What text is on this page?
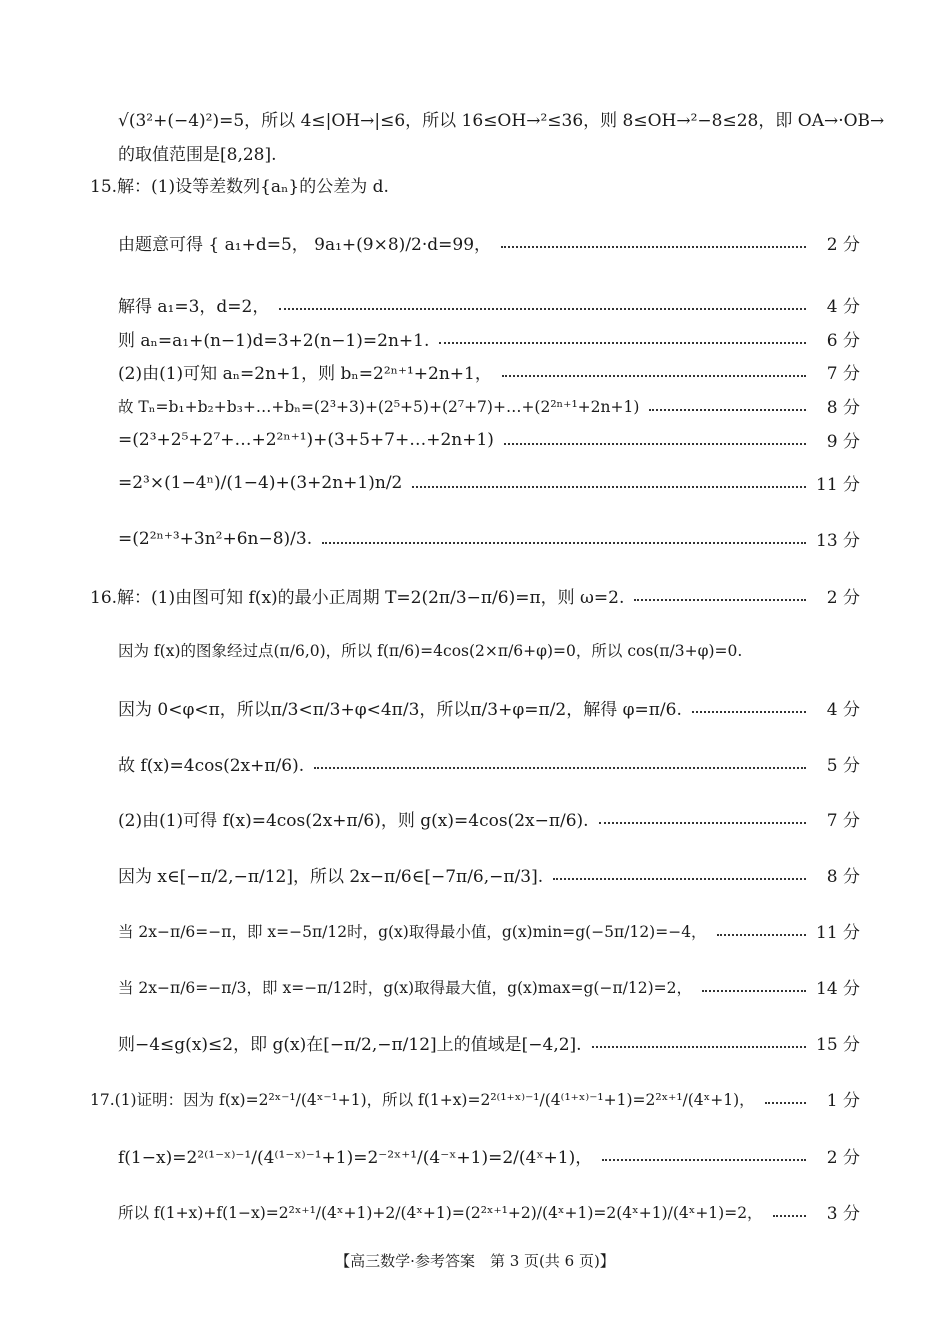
√(3²+(−4)²)=5，所以 4≤|OH→|≤6，所以 16≤OH→²≤36，则 8≤OH→²−8≤28，即 OA→·OB→
的取值范围是[8,28].
15.解：(1)设等差数列{aₙ}的公差为 d.
由题意可得 { a₁+d=5， 9a₁+(9×8)/2·d=99，	2 分
解得 a₁=3，d=2，	4 分
则 aₙ=a₁+(n−1)d=3+2(n−1)=2n+1.	6 分
(2)由(1)可知 aₙ=2n+1，则 bₙ=2²ⁿ⁺¹+2n+1，	7 分
故 Tₙ=b₁+b₂+b₃+…+bₙ=(2³+3)+(2⁵+5)+(2⁷+7)+…+(2²ⁿ⁺¹+2n+1)	8 分
=(2³+2⁵+2⁷+…+2²ⁿ⁺¹)+(3+5+7+…+2n+1)	9 分
=2³×(1−4ⁿ)/(1−4)+(3+2n+1)n/2	11 分
=(2²ⁿ⁺³+3n²+6n−8)/3.	13 分
16.解：(1)由图可知 f(x)的最小正周期 T=2(2π/3−π/6)=π，则 ω=2.	2 分
因为 f(x)的图象经过点(π/6,0)，所以 f(π/6)=4cos(2×π/6+φ)=0，所以 cos(π/3+φ)=0.
因为 0<φ<π，所以π/3<π/3+φ<4π/3，所以π/3+φ=π/2，解得 φ=π/6.	4 分
故 f(x)=4cos(2x+π/6).	5 分
(2)由(1)可得 f(x)=4cos(2x+π/6)，则 g(x)=4cos(2x−π/6).	7 分
因为 x∈[−π/2,−π/12]，所以 2x−π/6∈[−7π/6,−π/3].	8 分
当 2x−π/6=−π，即 x=−5π/12时，g(x)取得最小值，g(x)min=g(−5π/12)=−4，	11 分
当 2x−π/6=−π/3，即 x=−π/12时，g(x)取得最大值，g(x)max=g(−π/12)=2，	14 分
则−4≤g(x)≤2，即 g(x)在[−π/2,−π/12]上的值域是[−4,2].	15 分
17.(1)证明：因为 f(x)=2²ˣ⁻¹/(4ˣ⁻¹+1)，所以 f(1+x)=2²⁽¹⁺ˣ⁾⁻¹/(4⁽¹⁺ˣ⁾⁻¹+1)=2²ˣ⁺¹/(4ˣ+1)，	1 分
f(1−x)=2²⁽¹⁻ˣ⁾⁻¹/(4⁽¹⁻ˣ⁾⁻¹+1)=2⁻²ˣ⁺¹/(4⁻ˣ+1)=2/(4ˣ+1)，	2 分
所以 f(1+x)+f(1−x)=2²ˣ⁺¹/(4ˣ+1)+2/(4ˣ+1)=(2²ˣ⁺¹+2)/(4ˣ+1)=2(4ˣ+1)/(4ˣ+1)=2，	3 分
【高三数学·参考答案　第 3 页(共 6 页)】
